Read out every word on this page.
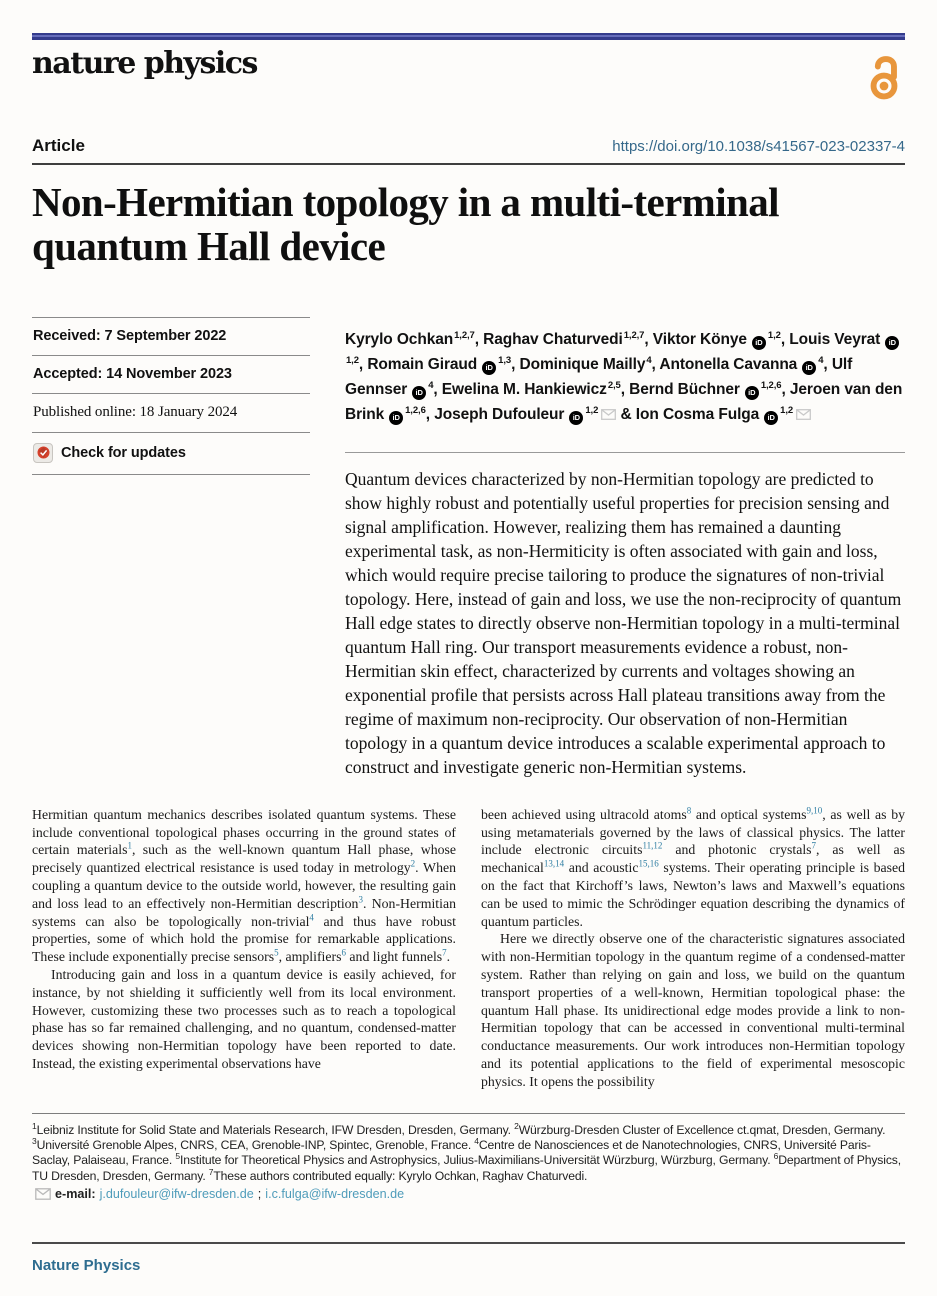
nature physics
Article	https://doi.org/10.1038/s41567-023-02337-4
Non-Hermitian topology in a multi-terminal quantum Hall device
Received: 7 September 2022
Accepted: 14 November 2023
Published online: 18 January 2024
Check for updates
Kyrylo Ochkan$^{1,2,7}$, Raghav Chaturvedi$^{1,2,7}$, Viktor Könye iD$^{1,2}$, Louis Veyrat iD$^{1,2}$, Romain Giraud iD$^{1,3}$, Dominique Mailly$^4$, Antonella Cavanna $iD^4$, Ulf Gennser $iD^4$, Ewelina M. Hankiewicz$^{2,5}$, Bernd Büchner iD$^{1,2,6}$, Jeroen van den Brink iD$^{1,2,6}$, Joseph Dufouleur iD$^{1,2}$ & Ion Cosma Fulga iD$^{1,2}$
Quantum devices characterized by non-Hermitian topology are predicted to show highly robust and potentially useful properties for precision sensing and signal amplification. However, realizing them has remained a daunting experimental task, as non-Hermiticity is often associated with gain and loss, which would require precise tailoring to produce the signatures of non-trivial topology. Here, instead of gain and loss, we use the non-reciprocity of quantum Hall edge states to directly observe non-Hermitian topology in a multi-terminal quantum Hall ring. Our transport measurements evidence a robust, non-Hermitian skin effect, characterized by currents and voltages showing an exponential profile that persists across Hall plateau transitions away from the regime of maximum non-reciprocity. Our observation of non-Hermitian topology in a quantum device introduces a scalable experimental approach to construct and investigate generic non-Hermitian systems.

Hermitian quantum mechanics describes isolated quantum systems. These include conventional topological phases occurring in the ground states of certain materials$^1$, such as the well-known quantum Hall phase, whose precisely quantized electrical resistance is used today in metrology$^2$. When coupling a quantum device to the outside world, however, the resulting gain and loss lead to an effectively non-Hermitian description$^3$. Non-Hermitian systems can also be topologically non-trivial$^4$ and thus have robust properties, some of which hold the promise for remarkable applications. These include exponentially precise sensors$^5$, amplifiers$^6$ and light funnels$^7$.

Introducing gain and loss in a quantum device is easily achieved, for instance, by not shielding it sufficiently well from its local environment. However, customizing these two processes such as to reach a topological phase has so far remained challenging, and no quantum, condensed-matter devices showing non-Hermitian topology have been reported to date. Instead, the existing experimental observations have

been achieved using ultracold atoms$^8$ and optical systems$^{9,10}$, as well as by using metamaterials governed by the laws of classical physics. The latter include electronic circuits$^{11,12}$ and photonic crystals$^7$, as well as mechanical$^{13,14}$ and acoustic$^{15,16}$ systems. Their operating principle is based on the fact that Kirchoff’s laws, Newton’s laws and Maxwell’s equations can be used to mimic the Schrödinger equation describing the dynamics of quantum particles.

Here we directly observe one of the characteristic signatures associated with non-Hermitian topology in the quantum regime of a condensed-matter system. Rather than relying on gain and loss, we build on the quantum transport properties of a well-known, Hermitian topological phase: the quantum Hall phase. Its unidirectional edge modes provide a link to non-Hermitian topology that can be accessed in conventional multi-terminal conductance measurements. Our work introduces non-Hermitian topology and its potential applications to the field of experimental mesoscopic physics. It opens the possibility

$^1$Leibniz Institute for Solid State and Materials Research, IFW Dresden, Dresden, Germany. $^2$Würzburg-Dresden Cluster of Excellence ct.qmat, Dresden, Germany. $^3$Université Grenoble Alpes, CNRS, CEA, Grenoble-INP, Spintec, Grenoble, France. $^4$Centre de Nanosciences et de Nanotechnologies, CNRS, Université Paris-Saclay, Palaiseau, France. $^5$Institute for Theoretical Physics and Astrophysics, Julius-Maximilians-Universität Würzburg, Würzburg, Germany. $^6$Department of Physics, TU Dresden, Dresden, Germany. $^7$These authors contributed equally: Kyrylo Ochkan, Raghav Chaturvedi.

e-mail: j.dufouleur@ifw-dresden.de ; i.c.fulga@ifw-dresden.de

Nature Physics
